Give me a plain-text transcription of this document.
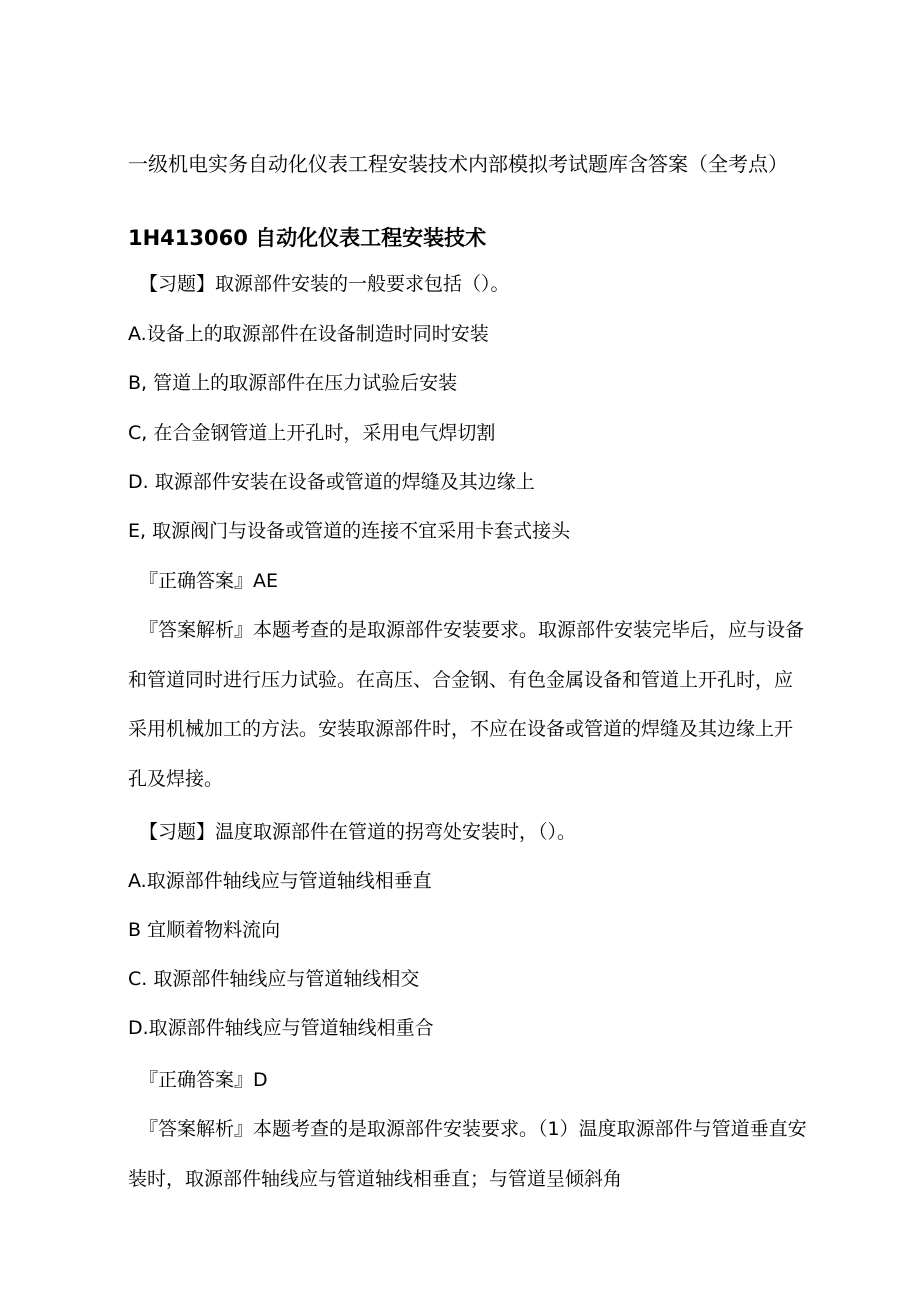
一级机电实务自动化仪表工程安装技术内部模拟考试题库含答案（全考点）
1H413060 自动化仪表工程安装技术

【习题】取源部件安装的一般要求包括（）。

A.设备上的取源部件在设备制造时同时安装

B, 管道上的取源部件在压力试验后安装

C, 在合金钢管道上开孔时，采用电气焊切割

D. 取源部件安装在设备或管道的焊缝及其边缘上

E, 取源阀门与设备或管道的连接不宜采用卡套式接头

『正确答案』AE

『答案解析』本题考查的是取源部件安装要求。取源部件安装完毕后，应与设备和管道同时进行压力试验。在高压、合金钢、有色金属设备和管道上开孔时，应采用机械加工的方法。安装取源部件时，不应在设备或管道的焊缝及其边缘上开孔及焊接。

【习题】温度取源部件在管道的拐弯处安装时，（）。

A.取源部件轴线应与管道轴线相垂直

B 宜顺着物料流向

C. 取源部件轴线应与管道轴线相交

D.取源部件轴线应与管道轴线相重合

『正确答案』D

『答案解析』本题考查的是取源部件安装要求。（1）温度取源部件与管道垂直安装时，取源部件轴线应与管道轴线相垂直；与管道呈倾斜角
